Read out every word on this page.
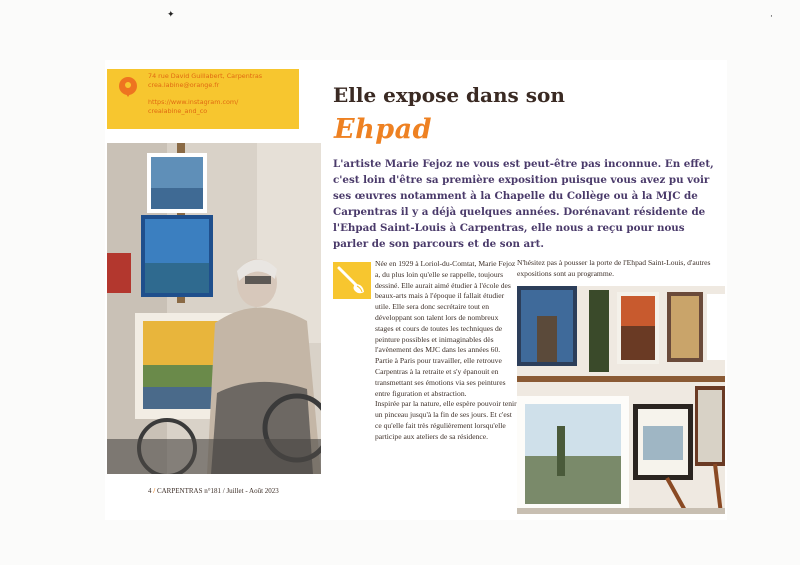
✦	·
74 rue David Guillabert, Carpentras
crea.labine@orange.fr
https://www.instagram.com/
crealabine_and_co
Elle expose dans son
Ehpad

L'artiste Marie Fejoz ne vous est peut-être pas inconnue. En effet, c'est loin d'être sa première exposition puisque vous avez pu voir ses œuvres notamment à la Chapelle du Collège ou à la MJC de Carpentras il y a déjà quelques années. Dorénavant résidente de l'Ehpad Saint-Louis à Carpentras, elle nous a reçu pour nous parler de son parcours et de son art.

Née en 1929 à Loriol-du-Comtat, Marie Fejoz a, du plus loin qu'elle se rappelle, toujours dessiné. Elle aurait aimé étudier à l'école des beaux-arts mais à l'époque il fallait étudier utile. Elle sera donc secrétaire tout en développant son talent lors de nombreux stages et cours de toutes les techniques de peinture possibles et inimaginables dès l'avènement des MJC dans les années 60.

Partie à Paris pour travailler, elle retrouve Carpentras à la retraite et s'y épanouit en transmettant ses émotions via ses peintures entre figuration et abstraction.

Inspirée par la nature, elle espère pouvoir tenir un pinceau jusqu'à la fin de ses jours. Et c'est ce qu'elle fait très régulièrement lorsqu'elle participe aux ateliers de sa résidence.

N'hésitez pas à pousser la porte de l'Ehpad Saint-Louis, d'autres expositions sont au programme.

4 / CARPENTRAS n°181 / Juillet - Août 2023
